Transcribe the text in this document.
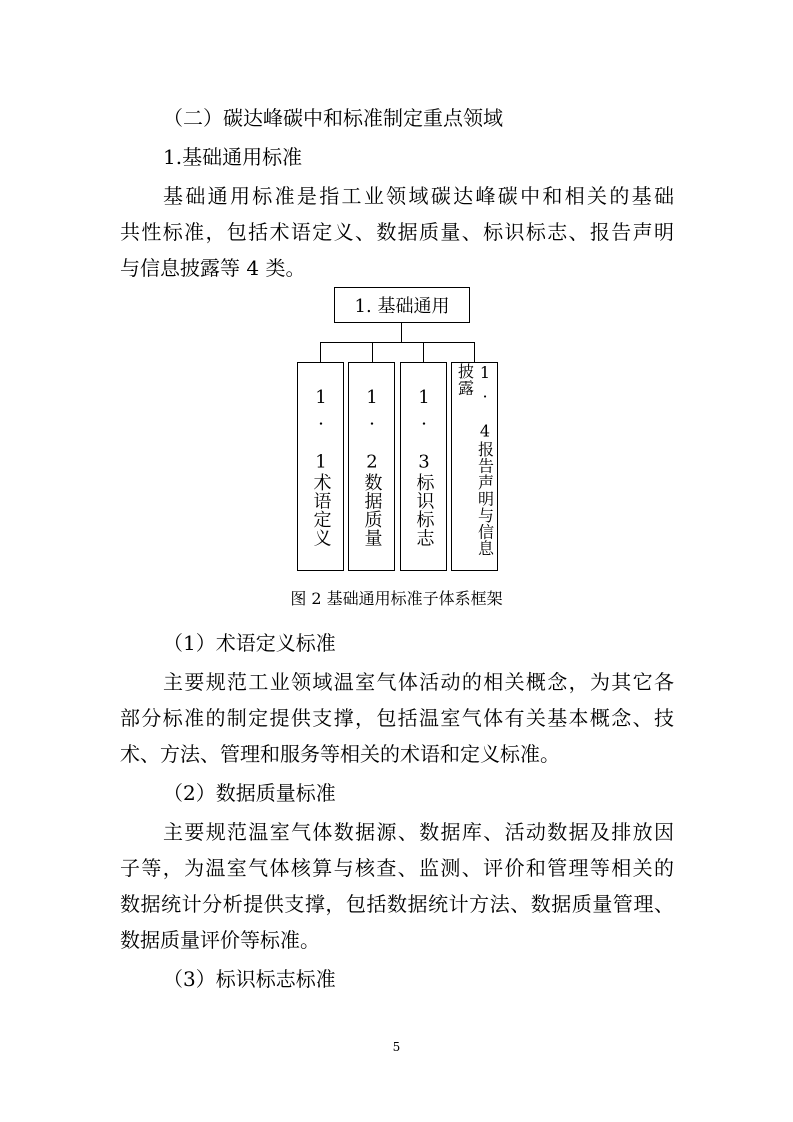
（二）碳达峰碳中和标准制定重点领域
1.基础通用标准
基础通用标准是指工业领域碳达峰碳中和相关的基础
共性标准，包括术语定义、数据质量、标识标志、报告声明
与信息披露等 4 类。
1. 基础通用
1. 1术语定义 1. 2数据质量 1. 3标识标志	1. 4报告声明与信息披露
图 2 基础通用标准子体系框架
（1）术语定义标准
主要规范工业领域温室气体活动的相关概念，为其它各
部分标准的制定提供支撑，包括温室气体有关基本概念、技
术、方法、管理和服务等相关的术语和定义标准。
（2）数据质量标准
主要规范温室气体数据源、数据库、活动数据及排放因
子等，为温室气体核算与核查、监测、评价和管理等相关的
数据统计分析提供支撑，包括数据统计方法、数据质量管理、
数据质量评价等标准。
（3）标识标志标准
5
